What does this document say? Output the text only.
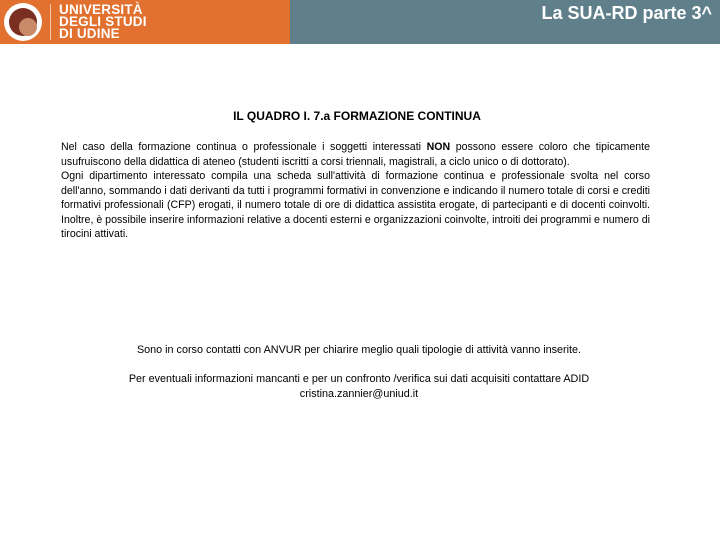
UNIVERSITÀ
DEGLI STUDI
DI UDINE

La SUA-RD parte 3^
IL QUADRO I. 7.a FORMAZIONE CONTINUA

Nel caso della formazione continua o professionale i soggetti interessati NON possono essere coloro che tipicamente usufruiscono della didattica di ateneo (studenti iscritti a corsi triennali, magistrali, a ciclo unico o di dottorato).

Ogni dipartimento interessato compila una scheda sull'attività di formazione continua e professionale svolta nel corso dell'anno, sommando i dati derivanti da tutti i programmi formativi in convenzione e indicando il numero totale di corsi e crediti formativi professionali (CFP) erogati, il numero totale di ore di didattica assistita erogate, di partecipanti e di docenti coinvolti. Inoltre, è possibile inserire informazioni relative a docenti esterni e organizzazioni coinvolte, introiti dei programmi e numero di tirocini attivati.

Sono in corso contatti con ANVUR per chiarire meglio quali tipologie di attività vanno inserite.

Per eventuali informazioni mancanti e per un confronto /verifica sui dati acquisiti contattare ADID
cristina.zannier@uniud.it
